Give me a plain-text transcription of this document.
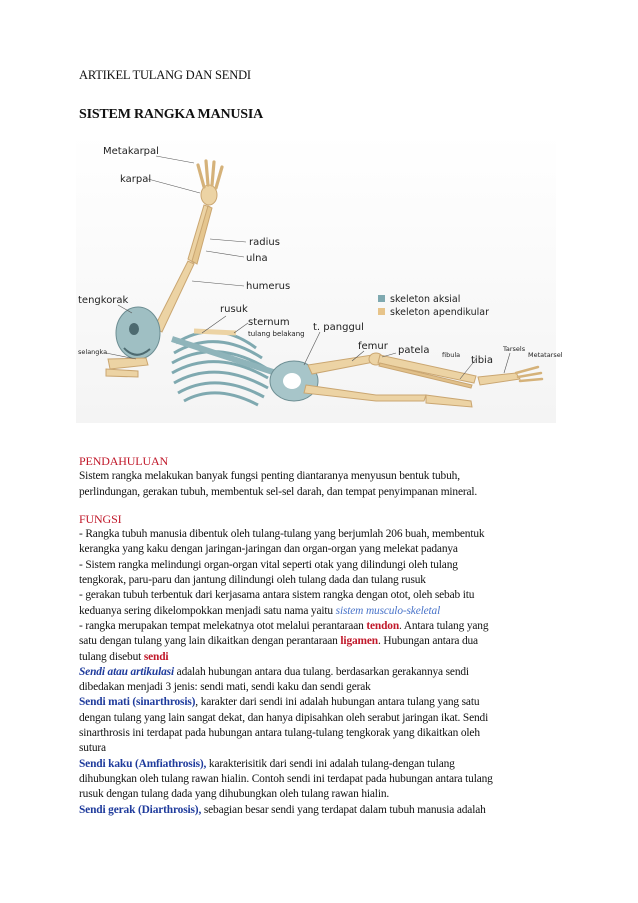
ARTIKEL TULANG DAN SENDI
SISTEM RANGKA MANUSIA
skeleton aksial
skeleton apendikular
Metakarpal
karpal
radius
ulna
humerus
tengkorak
rusuk
sternum
tulang belakang
t. panggul
femur patela fibula tibia
Tarsels
Metatarsel
selangka

PENDAHULUAN

Sistem rangka melakukan banyak fungsi penting diantaranya menyusun bentuk tubuh,

perlindungan, gerakan tubuh, membentuk sel-sel darah, dan tempat penyimpanan mineral.

FUNGSI

- Rangka tubuh manusia dibentuk oleh tulang-tulang yang berjumlah 206 buah, membentuk

kerangka yang kaku dengan jaringan-jaringan dan organ-organ yang melekat padanya

- Sistem rangka melindungi organ-organ vital seperti otak yang dilindungi oleh tulang

tengkorak, paru-paru dan jantung dilindungi oleh tulang dada dan tulang rusuk

- gerakan tubuh terbentuk dari kerjasama antara sistem rangka dengan otot, oleh sebab itu

keduanya sering dikelompokkan menjadi satu nama yaitu sistem musculo-skeletal

- rangka merupakan tempat melekatnya otot melalui perantaraan tendon. Antara tulang yang

satu dengan tulang yang lain dikaitkan dengan perantaraan ligamen. Hubungan antara dua

tulang disebut sendi

Sendi atau artikulasi adalah hubungan antara dua tulang. berdasarkan gerakannya sendi

dibedakan menjadi 3 jenis: sendi mati, sendi kaku dan sendi gerak

Sendi mati (sinarthrosis), karakter dari sendi ini adalah hubungan antara tulang yang satu

dengan tulang yang lain sangat dekat, dan hanya dipisahkan oleh serabut jaringan ikat. Sendi

sinarthrosis ini terdapat pada hubungan antara tulang-tulang tengkorak yang dikaitkan oleh

sutura

Sendi kaku (Amfiathrosis), karakterisitik dari sendi ini adalah tulang-dengan tulang

dihubungkan oleh tulang rawan hialin. Contoh sendi ini terdapat pada hubungan antara tulang

rusuk dengan tulang dada yang dihubungkan oleh tulang rawan hialin.

Sendi gerak (Diarthrosis), sebagian besar sendi yang terdapat dalam tubuh manusia adalah
